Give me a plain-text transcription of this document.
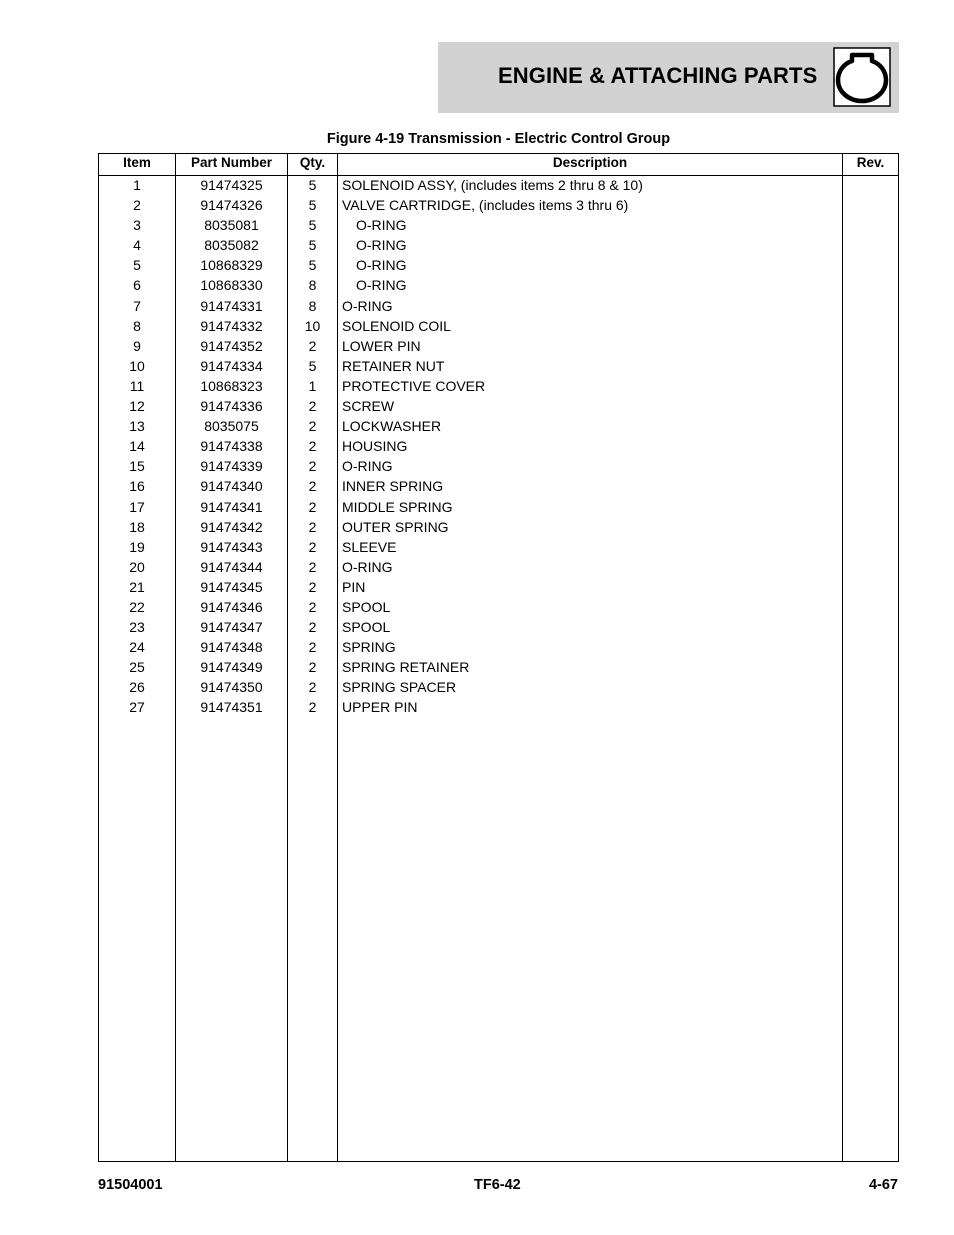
ENGINE & ATTACHING PARTS
Figure 4-19 Transmission - Electric Control Group
Item	Part Number	Qty.	Description	Rev.
1	91474325	5	SOLENOID ASSY, (includes items 2 thru 8 & 10)
2	91474326	5	VALVE CARTRIDGE, (includes items 3 thru 6)
3	8035081	5	O-RING
4	8035082	5	O-RING
5	10868329	5	O-RING
6	10868330	8	O-RING
7	91474331	8	O-RING
8	91474332	10	SOLENOID COIL
9	91474352	2	LOWER PIN
10	91474334	5	RETAINER NUT
11	10868323	1	PROTECTIVE COVER
12	91474336	2	SCREW
13	8035075	2	LOCKWASHER
14	91474338	2	HOUSING
15	91474339	2	O-RING
16	91474340	2	INNER SPRING
17	91474341	2	MIDDLE SPRING
18	91474342	2	OUTER SPRING
19	91474343	2	SLEEVE
20	91474344	2	O-RING
21	91474345	2	PIN
22	91474346	2	SPOOL
23	91474347	2	SPOOL
24	91474348	2	SPRING
25	91474349	2	SPRING RETAINER
26	91474350	2	SPRING SPACER
27	91474351	2	UPPER PIN
91504001	TF6-42	4-67
